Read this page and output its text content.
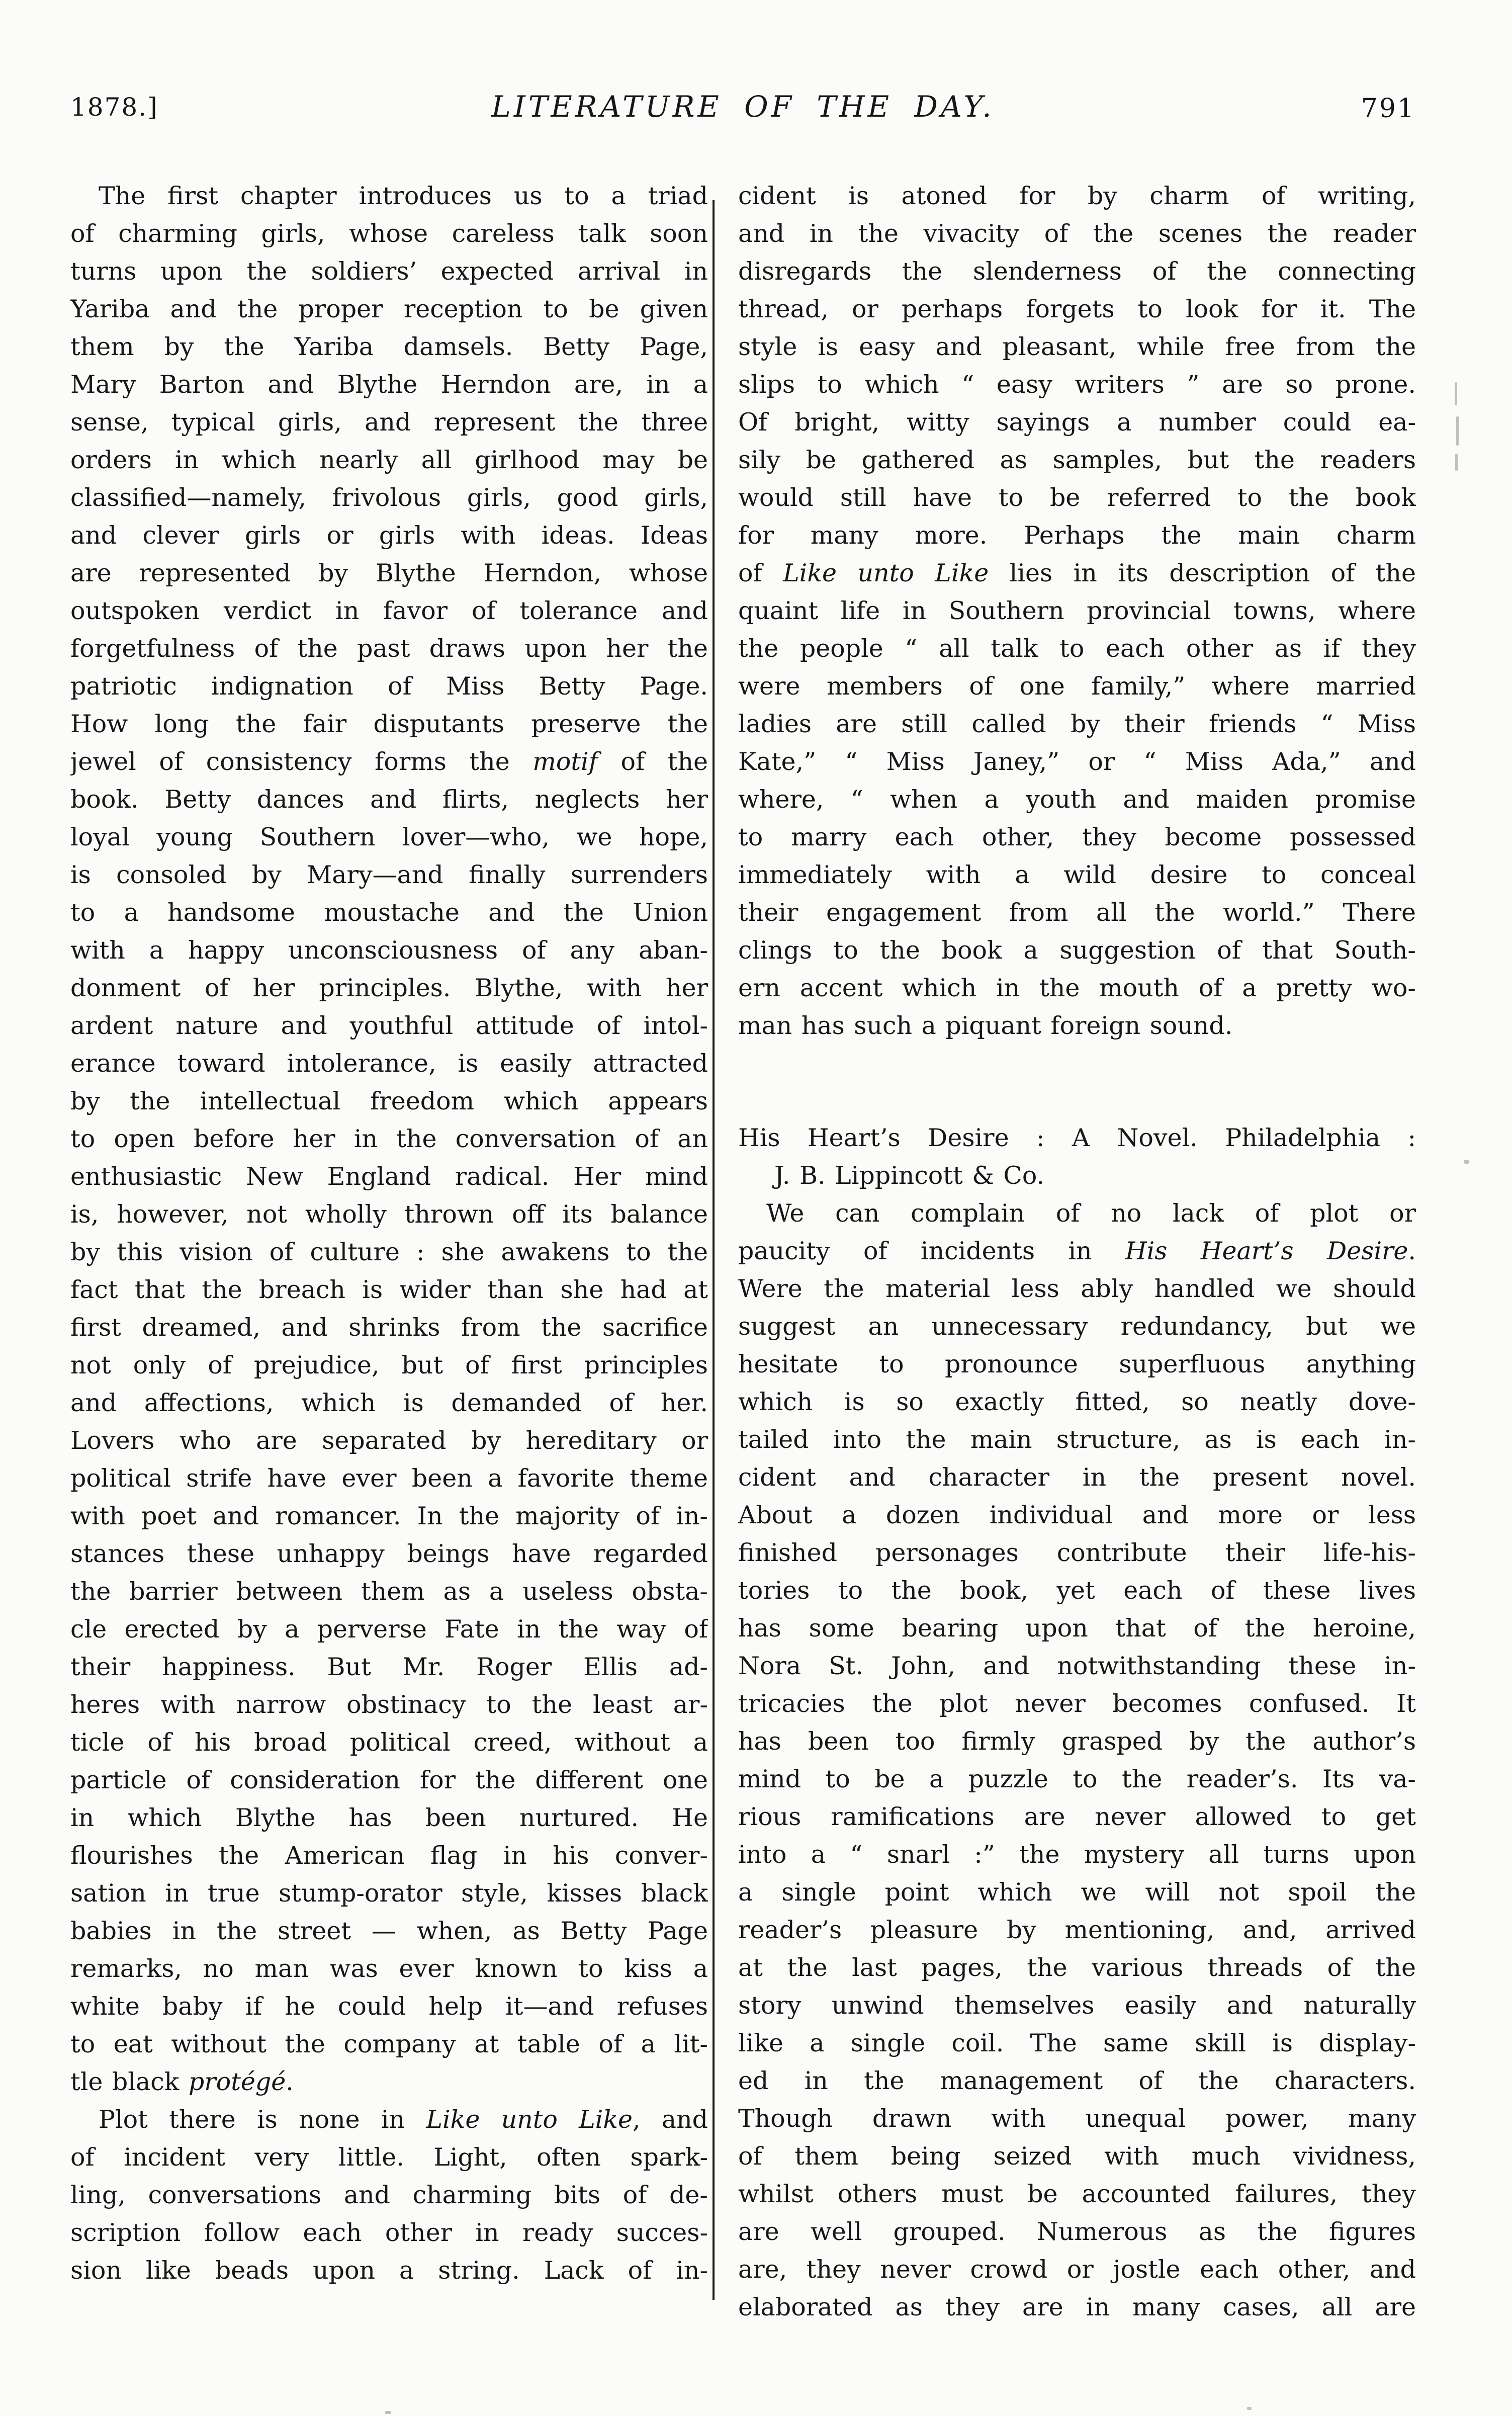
1878.]	LITERATURE OF THE DAY.	791
The first chapter introduces us to a triad
of charming girls, whose careless talk soon
turns upon the soldiers’ expected arrival in
Yariba and the proper reception to be given
them by the Yariba damsels. Betty Page,
Mary Barton and Blythe Herndon are, in a
sense, typical girls, and represent the three
orders in which nearly all girlhood may be
classified—namely, frivolous girls, good girls,
and clever girls or girls with ideas. Ideas
are represented by Blythe Herndon, whose
outspoken verdict in favor of tolerance and
forgetfulness of the past draws upon her the
patriotic indignation of Miss Betty Page.
How long the fair disputants preserve the
jewel of consistency forms the motif of the
book. Betty dances and flirts, neglects her
loyal young Southern lover—who, we hope,
is consoled by Mary—and finally surrenders
to a handsome moustache and the Union
with a happy unconsciousness of any aban-
donment of her principles. Blythe, with her
ardent nature and youthful attitude of intol-
erance toward intolerance, is easily attracted
by the intellectual freedom which appears
to open before her in the conversation of an
enthusiastic New England radical. Her mind
is, however, not wholly thrown off its balance
by this vision of culture : she awakens to the
fact that the breach is wider than she had at
first dreamed, and shrinks from the sacrifice
not only of prejudice, but of first principles
and affections, which is demanded of her.
Lovers who are separated by hereditary or
political strife have ever been a favorite theme
with poet and romancer. In the majority of in-
stances these unhappy beings have regarded
the barrier between them as a useless obsta-
cle erected by a perverse Fate in the way of
their happiness. But Mr. Roger Ellis ad-
heres with narrow obstinacy to the least ar-
ticle of his broad political creed, without a
particle of consideration for the different one
in which Blythe has been nurtured. He
flourishes the American flag in his conver-
sation in true stump-orator style, kisses black
babies in the street — when, as Betty Page
remarks, no man was ever known to kiss a
white baby if he could help it—and refuses
to eat without the company at table of a lit-
tle black protégé.
Plot there is none in Like unto Like, and
of incident very little. Light, often spark-
ling, conversations and charming bits of de-
scription follow each other in ready succes-
sion like beads upon a string. Lack of in-
cident is atoned for by charm of writing,
and in the vivacity of the scenes the reader
disregards the slenderness of the connecting
thread, or perhaps forgets to look for it. The
style is easy and pleasant, while free from the
slips to which “ easy writers ” are so prone.
Of bright, witty sayings a number could ea-
sily be gathered as samples, but the readers
would still have to be referred to the book
for many more. Perhaps the main charm
of Like unto Like lies in its description of the
quaint life in Southern provincial towns, where
the people “ all talk to each other as if they
were members of one family,” where married
ladies are still called by their friends “ Miss
Kate,” “ Miss Janey,” or “ Miss Ada,” and
where, “ when a youth and maiden promise
to marry each other, they become possessed
immediately with a wild desire to conceal
their engagement from all the world.” There
clings to the book a suggestion of that South-
ern accent which in the mouth of a pretty wo-
man has such a piquant foreign sound.
His Heart’s Desire : A Novel. Philadelphia :
J. B. Lippincott & Co.
We can complain of no lack of plot or
paucity of incidents in His Heart’s Desire.
Were the material less ably handled we should
suggest an unnecessary redundancy, but we
hesitate to pronounce superfluous anything
which is so exactly fitted, so neatly dove-
tailed into the main structure, as is each in-
cident and character in the present novel.
About a dozen individual and more or less
finished personages contribute their life-his-
tories to the book, yet each of these lives
has some bearing upon that of the heroine,
Nora St. John, and notwithstanding these in-
tricacies the plot never becomes confused. It
has been too firmly grasped by the author’s
mind to be a puzzle to the reader’s. Its va-
rious ramifications are never allowed to get
into a “ snarl :” the mystery all turns upon
a single point which we will not spoil the
reader’s pleasure by mentioning, and, arrived
at the last pages, the various threads of the
story unwind themselves easily and naturally
like a single coil. The same skill is display-
ed in the management of the characters.
Though drawn with unequal power, many
of them being seized with much vividness,
whilst others must be accounted failures, they
are well grouped. Numerous as the figures
are, they never crowd or jostle each other, and
elaborated as they are in many cases, all are
